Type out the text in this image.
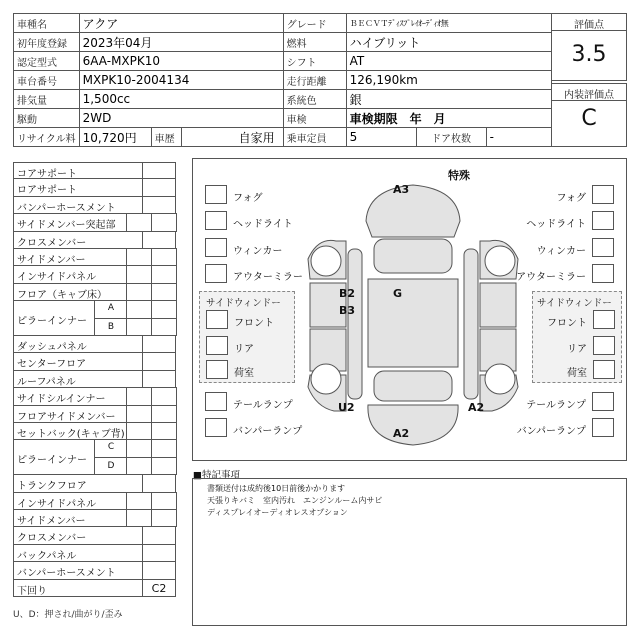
車種名	アクア			グレード	ＢＥＣＶＴﾃﾞｨｽﾌﾟﾚｲｵｰﾃﾞｨｵ無		
初年度登録	2023年04月			燃料	ハイブリット		
認定型式	6AA-MXPK10			シフト	AT		
車台番号	MXPK10-2004134			走行距離	126,190km		
排気量	1,500cc			系統色	銀		
駆動	2WD			車検	車検期限　年　月		
リサイクル料	10,720円	車歴	自家用	乗車定員	5	ドア枚数	-
評価点
3.5
内装評価点
C
コアサポート
ロアサポート
バンパーホースメント
サイドメンバー突起部
クロスメンバー
サイドメンバー
インサイドパネル
フロア（キャブ床）
ピラーインナー
A
B
ダッシュパネル
センターフロア
ルーフパネル
サイドシルインナー
フロアサイドメンバー
セットバック(キャブ背)
ピラーインナー
C
D
トランクフロア
インサイドパネル
サイドメンバー
クロスメンバー
バックパネル
バンパーホースメント
下回り	C2
U、D：押され/曲がり/歪み
特殊
A3
B2
B3
G
U2	A2
A2
フォグ
ヘッドライト
ウィンカー
アウターミラー
サイドウィンドー
フロント
リア
荷室
テールランプ
バンパーランプ
フォグ
ヘッドライト
ウィンカー
アウターミラー
サイドウィンドー
フロント
リア
荷室
テールランプ
バンパーランプ
■特記事項
書類送付は成約後10日前後かかります
天張りキバミ　室内汚れ　エンジンルーム内サビ
ディスプレイオーディオレスオプション
